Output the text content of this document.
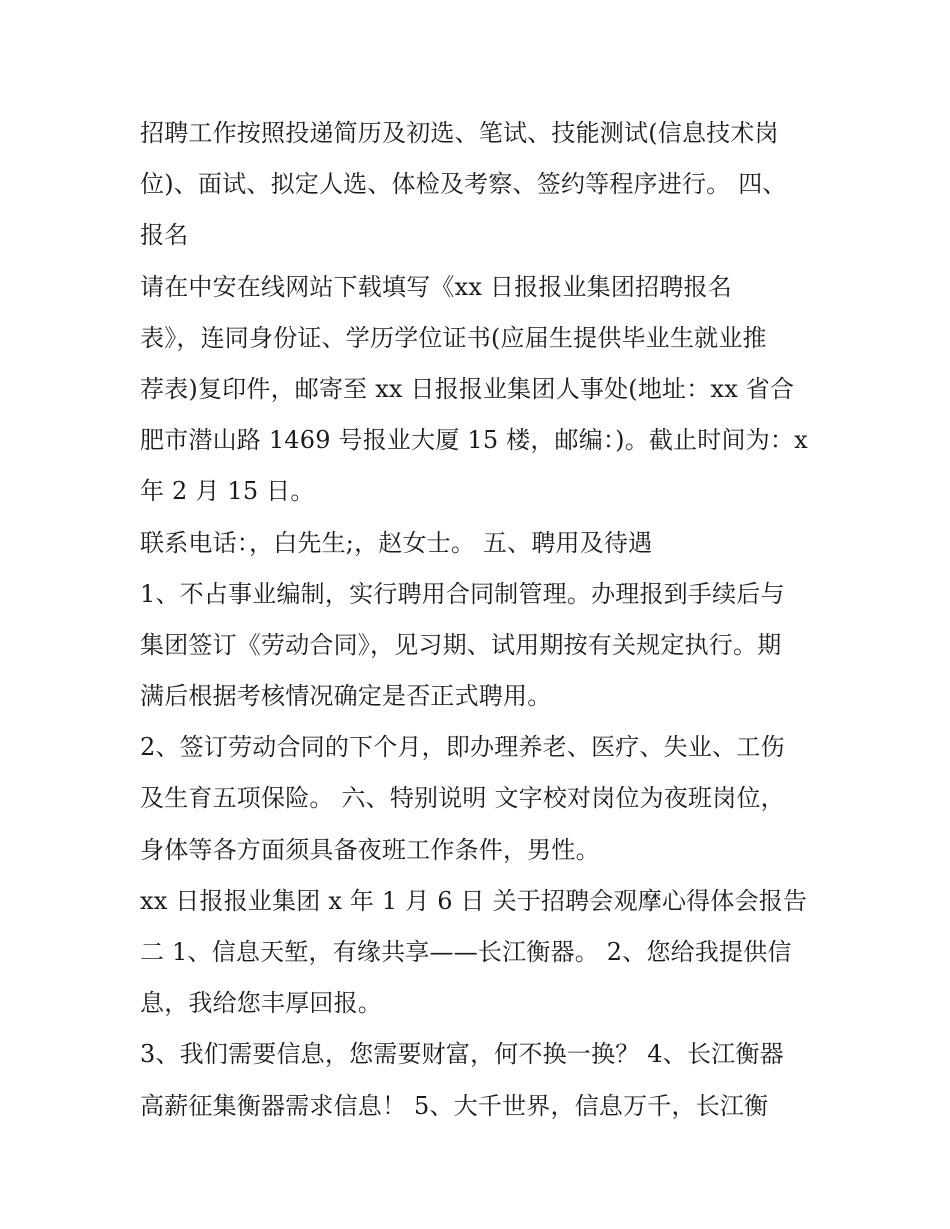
招聘工作按照投递简历及初选、笔试、技能测试(信息技术岗
位)、面试、拟定人选、体检及考察、签约等程序进行。 四、
报名
请在中安在线网站下载填写《xx 日报报业集团招聘报名
表》，连同身份证、学历学位证书(应届生提供毕业生就业推
荐表)复印件，邮寄至 xx 日报报业集团人事处(地址：xx 省合
肥市潜山路 1469 号报业大厦 15 楼，邮编：)。截止时间为：x
年 2 月 15 日。
联系电话：，白先生;，赵女士。 五、聘用及待遇
1、不占事业编制，实行聘用合同制管理。办理报到手续后与
集团签订《劳动合同》，见习期、试用期按有关规定执行。期
满后根据考核情况确定是否正式聘用。
2、签订劳动合同的下个月，即办理养老、医疗、失业、工伤
及生育五项保险。 六、特别说明 文字校对岗位为夜班岗位，
身体等各方面须具备夜班工作条件，男性。
xx 日报报业集团 x 年 1 月 6 日 关于招聘会观摩心得体会报告
二 1、信息天堑，有缘共享——长江衡器。 2、您给我提供信
息，我给您丰厚回报。
3、我们需要信息，您需要财富，何不换一换？ 4、长江衡器
高薪征集衡器需求信息！ 5、大千世界，信息万千，长江衡
